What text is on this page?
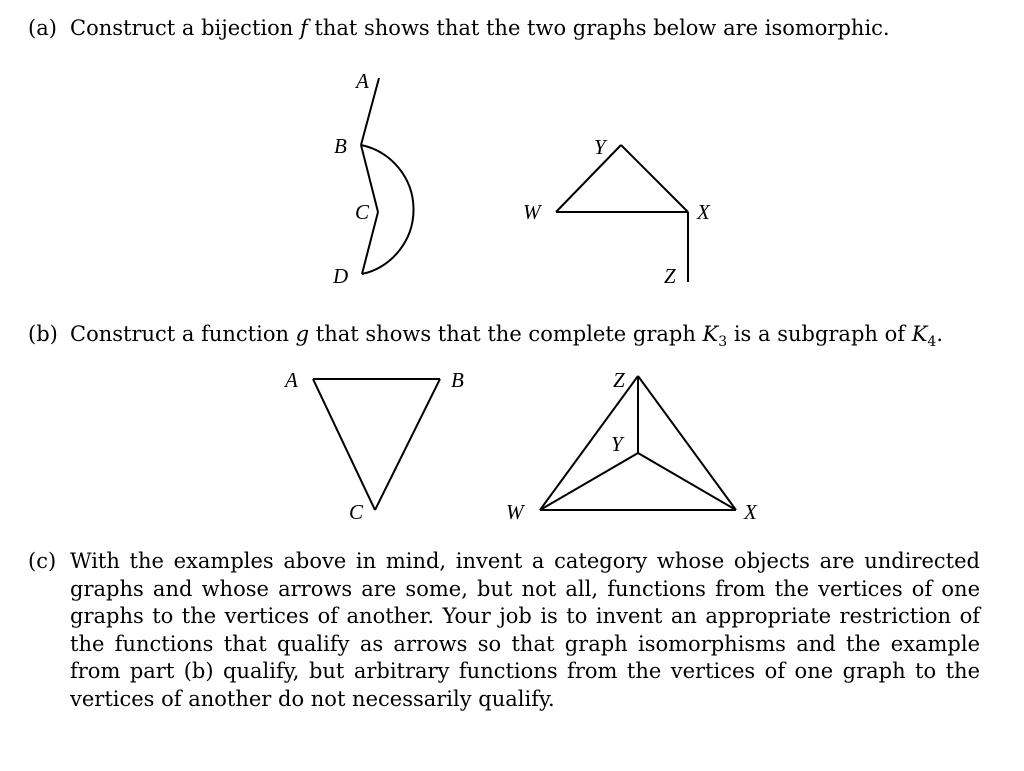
(a) Construct a bijection f that shows that the two graphs below are isomorphic.
(b) Construct a function g that shows that the complete graph $K_3$ is a subgraph of $K_4$.
(c) With the examples above in mind, invent a category whose objects are undirected graphs and whose arrows are some, but not all, functions from the vertices of one graphs to the vertices of another. Your job is to invent an appropriate restriction of the functions that qualify as arrows so that graph isomorphisms and the example from part (b) qualify, but arbitrary functions from the vertices of one graph to the vertices of another do not necessarily qualify.
A
B
C
D
Y
W	X
Z
A	B
C
Z
Y
W	X
